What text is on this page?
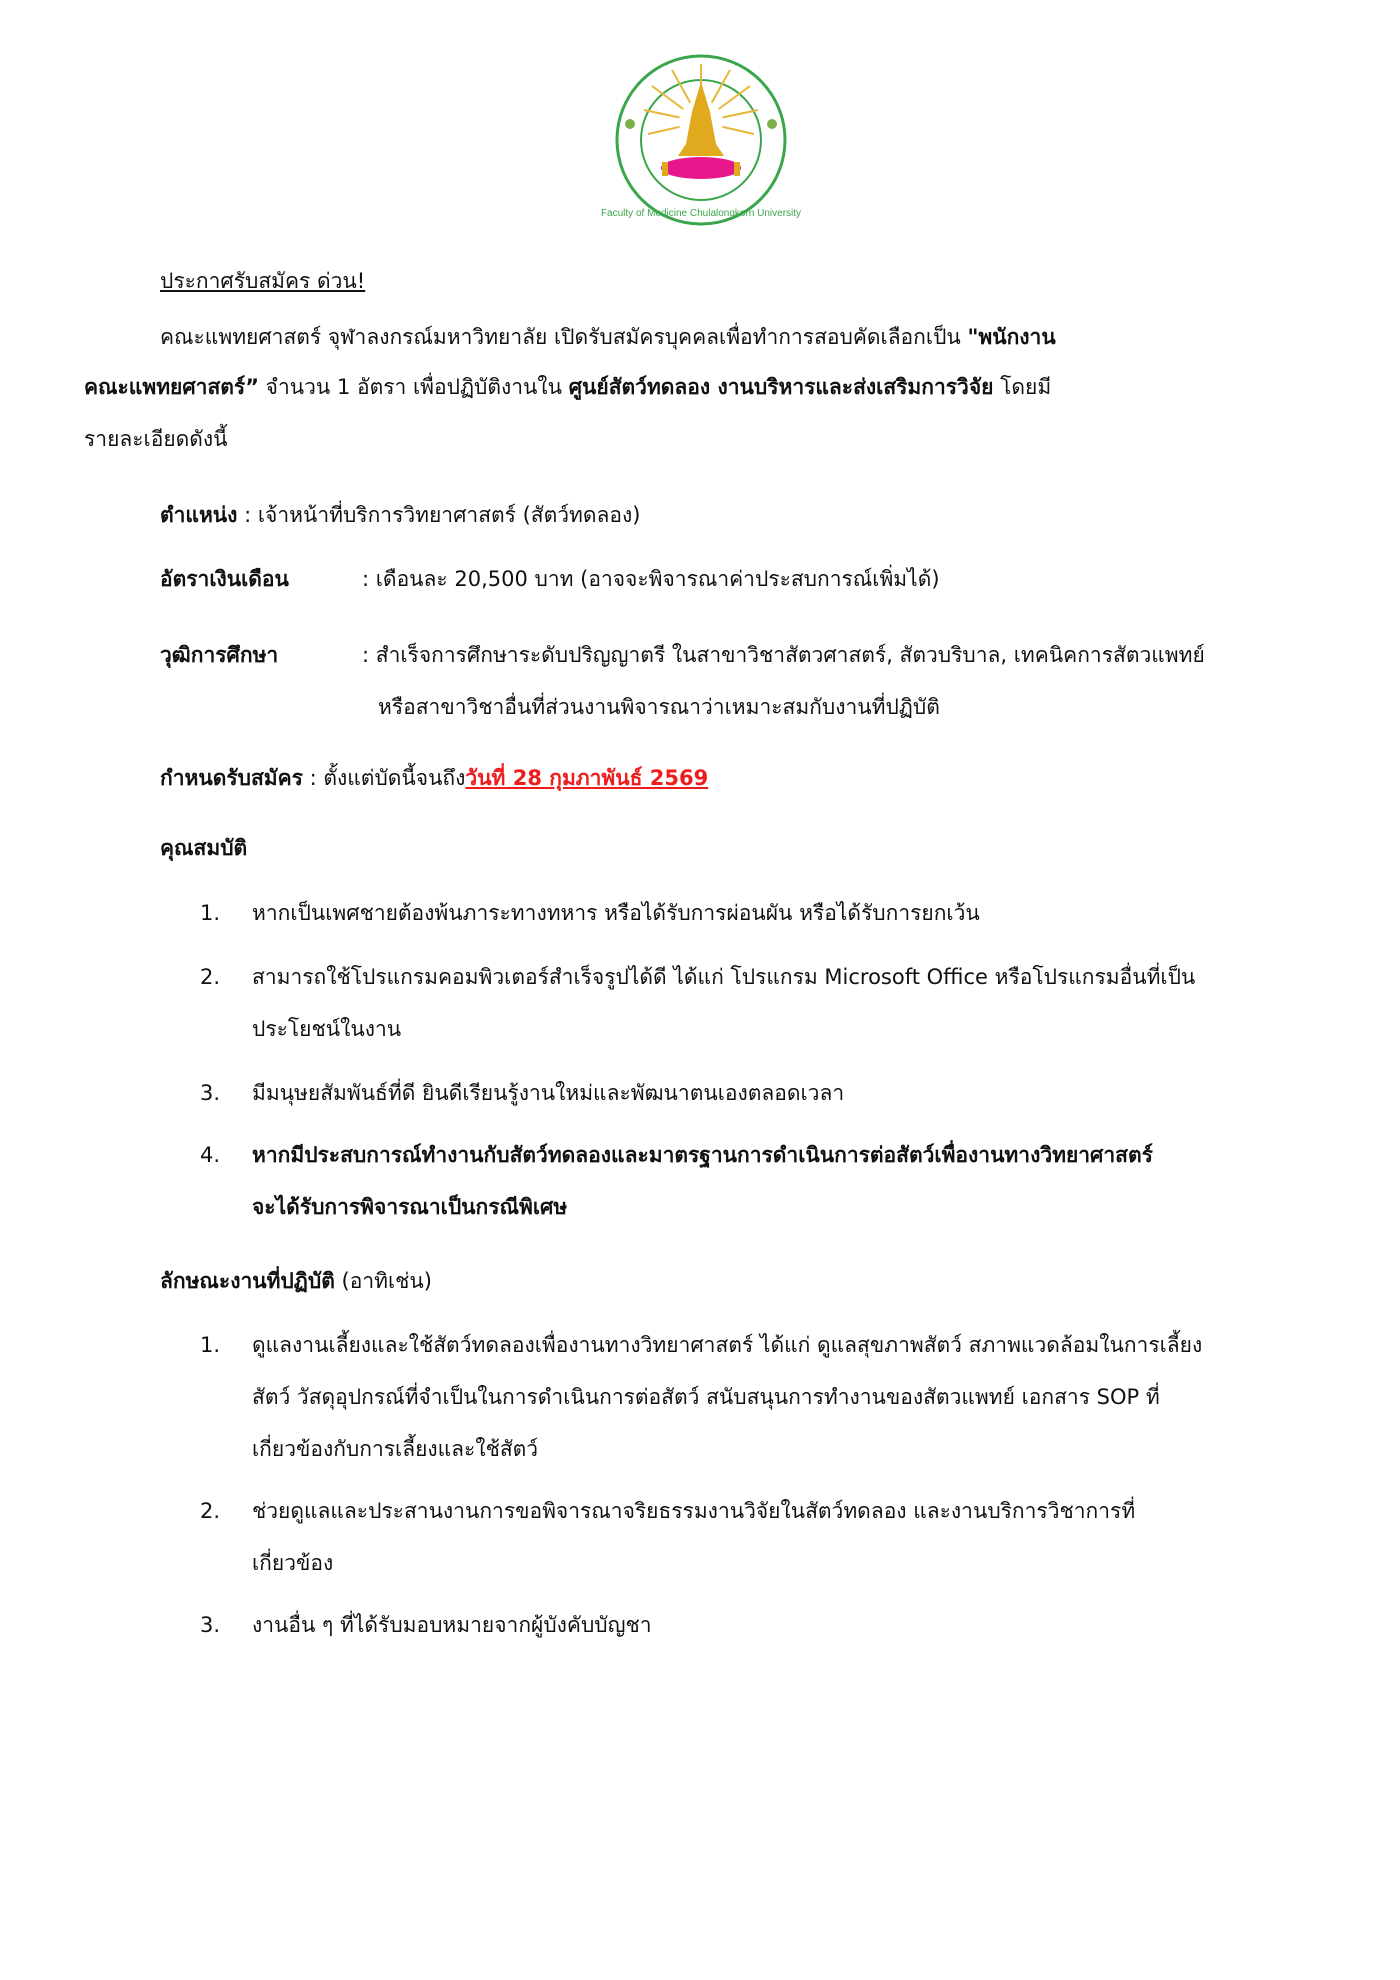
Faculty of Medicine Chulalongkorn University
ประกาศรับสมัคร ด่วน!
คณะแพทยศาสตร์ จุฬาลงกรณ์มหาวิทยาลัย เปิดรับสมัครบุคคลเพื่อทำการสอบคัดเลือกเป็น "พนักงาน
คณะแพทยศาสตร์” จำนวน 1 อัตรา เพื่อปฏิบัติงานใน ศูนย์สัตว์ทดลอง งานบริหารและส่งเสริมการวิจัย โดยมี
รายละเอียดดังนี้
ตำแหน่ง : เจ้าหน้าที่บริการวิทยาศาสตร์ (สัตว์ทดลอง)
อัตราเงินเดือน	: เดือนละ 20,500 บาท (อาจจะพิจารณาค่าประสบการณ์เพิ่มได้)
วุฒิการศึกษา	: สำเร็จการศึกษาระดับปริญญาตรี ในสาขาวิชาสัตวศาสตร์, สัตวบริบาล, เทคนิคการสัตวแพทย์
หรือสาขาวิชาอื่นที่ส่วนงานพิจารณาว่าเหมาะสมกับงานที่ปฏิบัติ
กำหนดรับสมัคร : ตั้งแต่บัดนี้จนถึงวันที่ 28 กุมภาพันธ์ 2569
คุณสมบัติ
1. หากเป็นเพศชายต้องพ้นภาระทางทหาร หรือได้รับการผ่อนผัน หรือได้รับการยกเว้น
2. สามารถใช้โปรแกรมคอมพิวเตอร์สำเร็จรูปได้ดี ได้แก่ โปรแกรม Microsoft Office หรือโปรแกรมอื่นที่เป็น
ประโยชน์ในงาน
3. มีมนุษยสัมพันธ์ที่ดี ยินดีเรียนรู้งานใหม่และพัฒนาตนเองตลอดเวลา
4. หากมีประสบการณ์ทำงานกับสัตว์ทดลองและมาตรฐานการดำเนินการต่อสัตว์เพื่องานทางวิทยาศาสตร์
จะได้รับการพิจารณาเป็นกรณีพิเศษ
ลักษณะงานที่ปฏิบัติ (อาทิเช่น)
1. ดูแลงานเลี้ยงและใช้สัตว์ทดลองเพื่องานทางวิทยาศาสตร์ ได้แก่ ดูแลสุขภาพสัตว์ สภาพแวดล้อมในการเลี้ยง
สัตว์ วัสดุอุปกรณ์ที่จำเป็นในการดำเนินการต่อสัตว์ สนับสนุนการทำงานของสัตวแพทย์ เอกสาร SOP ที่
เกี่ยวข้องกับการเลี้ยงและใช้สัตว์
2. ช่วยดูแลและประสานงานการขอพิจารณาจริยธรรมงานวิจัยในสัตว์ทดลอง และงานบริการวิชาการที่
เกี่ยวข้อง
3. งานอื่น ๆ ที่ได้รับมอบหมายจากผู้บังคับบัญชา
